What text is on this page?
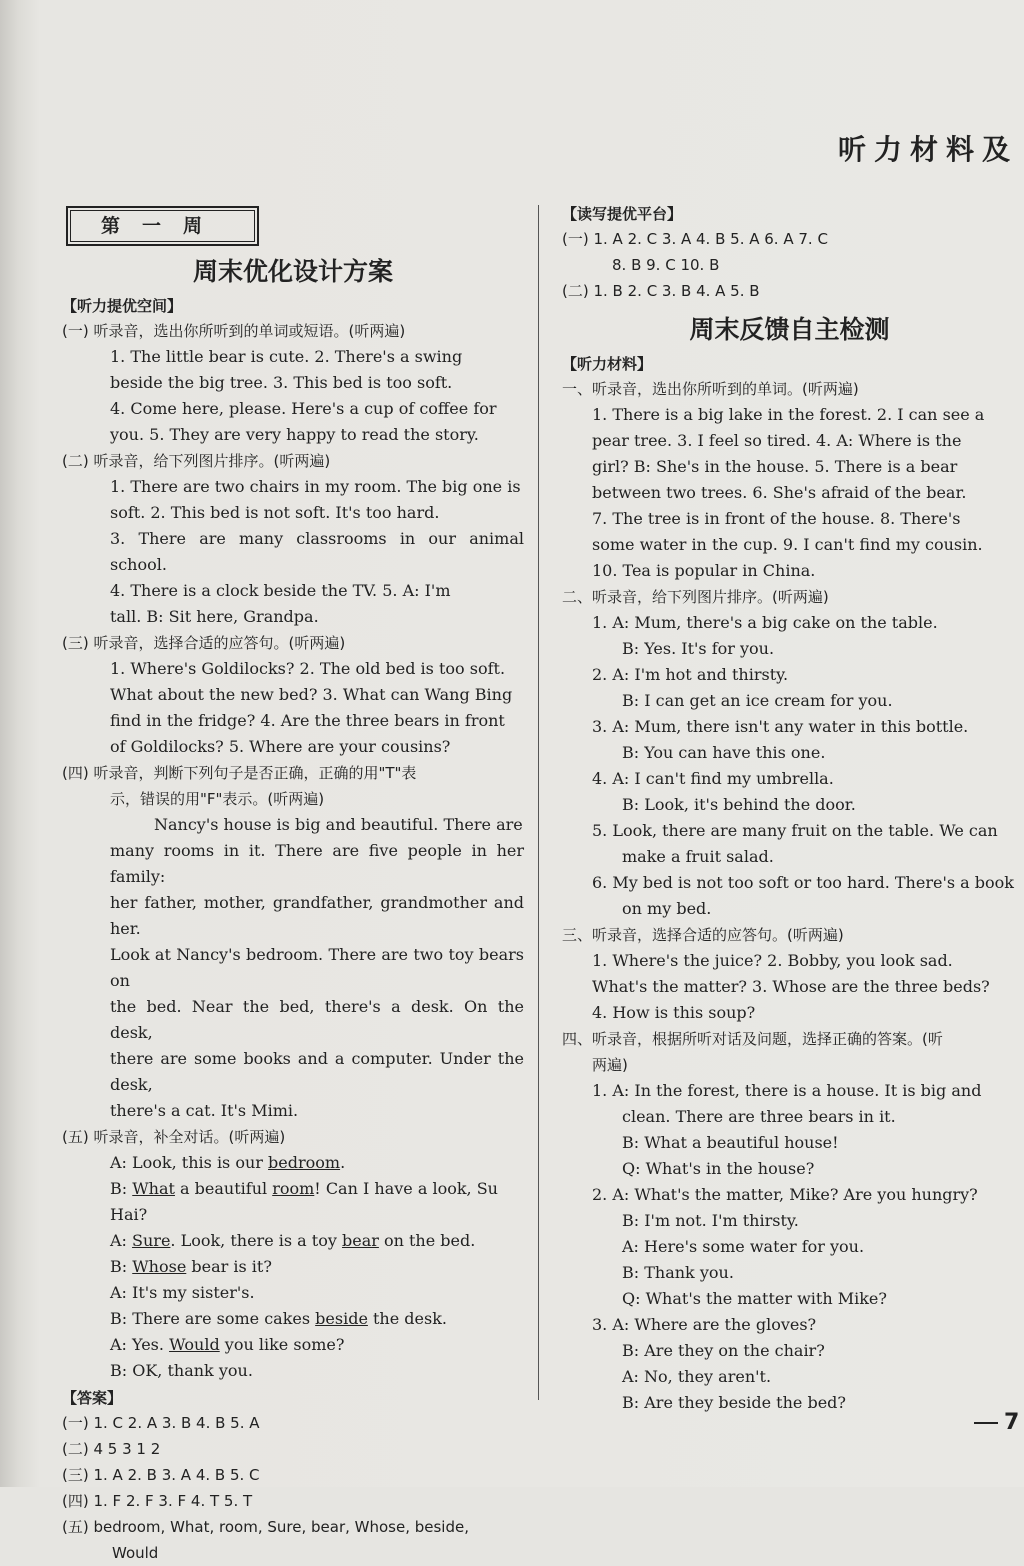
听力材料及
第一周
周末优化设计方案
【听力提优空间】
(一) 听录音，选出你所听到的单词或短语。(听两遍)
1. The little bear is cute. 2. There's a swing
beside the big tree. 3. This bed is too soft.
4. Come here, please. Here's a cup of coffee for
you. 5. They are very happy to read the story.
(二) 听录音，给下列图片排序。(听两遍)
1. There are two chairs in my room. The big one is
soft. 2. This bed is not soft. It's too hard.
3. There are many classrooms in our animal school.
4. There is a clock beside the TV. 5. A: I'm
tall. B: Sit here, Grandpa.
(三) 听录音，选择合适的应答句。(听两遍)
1. Where's Goldilocks? 2. The old bed is too soft.
What about the new bed? 3. What can Wang Bing
find in the fridge? 4. Are the three bears in front
of Goldilocks? 5. Where are your cousins?
(四) 听录音，判断下列句子是否正确，正确的用"T"表
示，错误的用"F"表示。(听两遍)
Nancy's house is big and beautiful. There are
many rooms in it. There are five people in her family:
her father, mother, grandfather, grandmother and her.
Look at Nancy's bedroom. There are two toy bears on
the bed. Near the bed, there's a desk. On the desk,
there are some books and a computer. Under the desk,
there's a cat. It's Mimi.
(五) 听录音，补全对话。(听两遍)
A: Look, this is our bedroom.
B: What a beautiful room! Can I have a look, Su Hai?
A: Sure. Look, there is a toy bear on the bed.
B: Whose bear is it?
A: It's my sister's.
B: There are some cakes beside the desk.
A: Yes. Would you like some?
B: OK, thank you.
【答案】
(一) 1. C 2. A 3. B 4. B 5. A
(二) 4 5 3 1 2
(三) 1. A 2. B 3. A 4. B 5. C
(四) 1. F 2. F 3. F 4. T 5. T
(五) bedroom, What, room, Sure, bear, Whose, beside,
Would
【读写提优平台】
(一) 1. A 2. C 3. A 4. B 5. A 6. A 7. C
8. B 9. C 10. B
(二) 1. B 2. C 3. B 4. A 5. B
周末反馈自主检测
【听力材料】
一、听录音，选出你所听到的单词。(听两遍)
1. There is a big lake in the forest. 2. I can see a
pear tree. 3. I feel so tired. 4. A: Where is the
girl? B: She's in the house. 5. There is a bear
between two trees. 6. She's afraid of the bear.
7. The tree is in front of the house. 8. There's
some water in the cup. 9. I can't find my cousin.
10. Tea is popular in China.
二、听录音，给下列图片排序。(听两遍)
1. A: Mum, there's a big cake on the table.
B: Yes. It's for you.
2. A: I'm hot and thirsty.
B: I can get an ice cream for you.
3. A: Mum, there isn't any water in this bottle.
B: You can have this one.
4. A: I can't find my umbrella.
B: Look, it's behind the door.
5. Look, there are many fruit on the table. We can
make a fruit salad.
6. My bed is not too soft or too hard. There's a book
on my bed.
三、听录音，选择合适的应答句。(听两遍)
1. Where's the juice? 2. Bobby, you look sad.
What's the matter? 3. Whose are the three beds?
4. How is this soup?
四、听录音，根据所听对话及问题，选择正确的答案。(听
两遍)
1. A: In the forest, there is a house. It is big and
clean. There are three bears in it.
B: What a beautiful house!
Q: What's in the house?
2. A: What's the matter, Mike? Are you hungry?
B: I'm not. I'm thirsty.
A: Here's some water for you.
B: Thank you.
Q: What's the matter with Mike?
3. A: Where are the gloves?
B: Are they on the chair?
A: No, they aren't.
B: Are they beside the bed?
7
